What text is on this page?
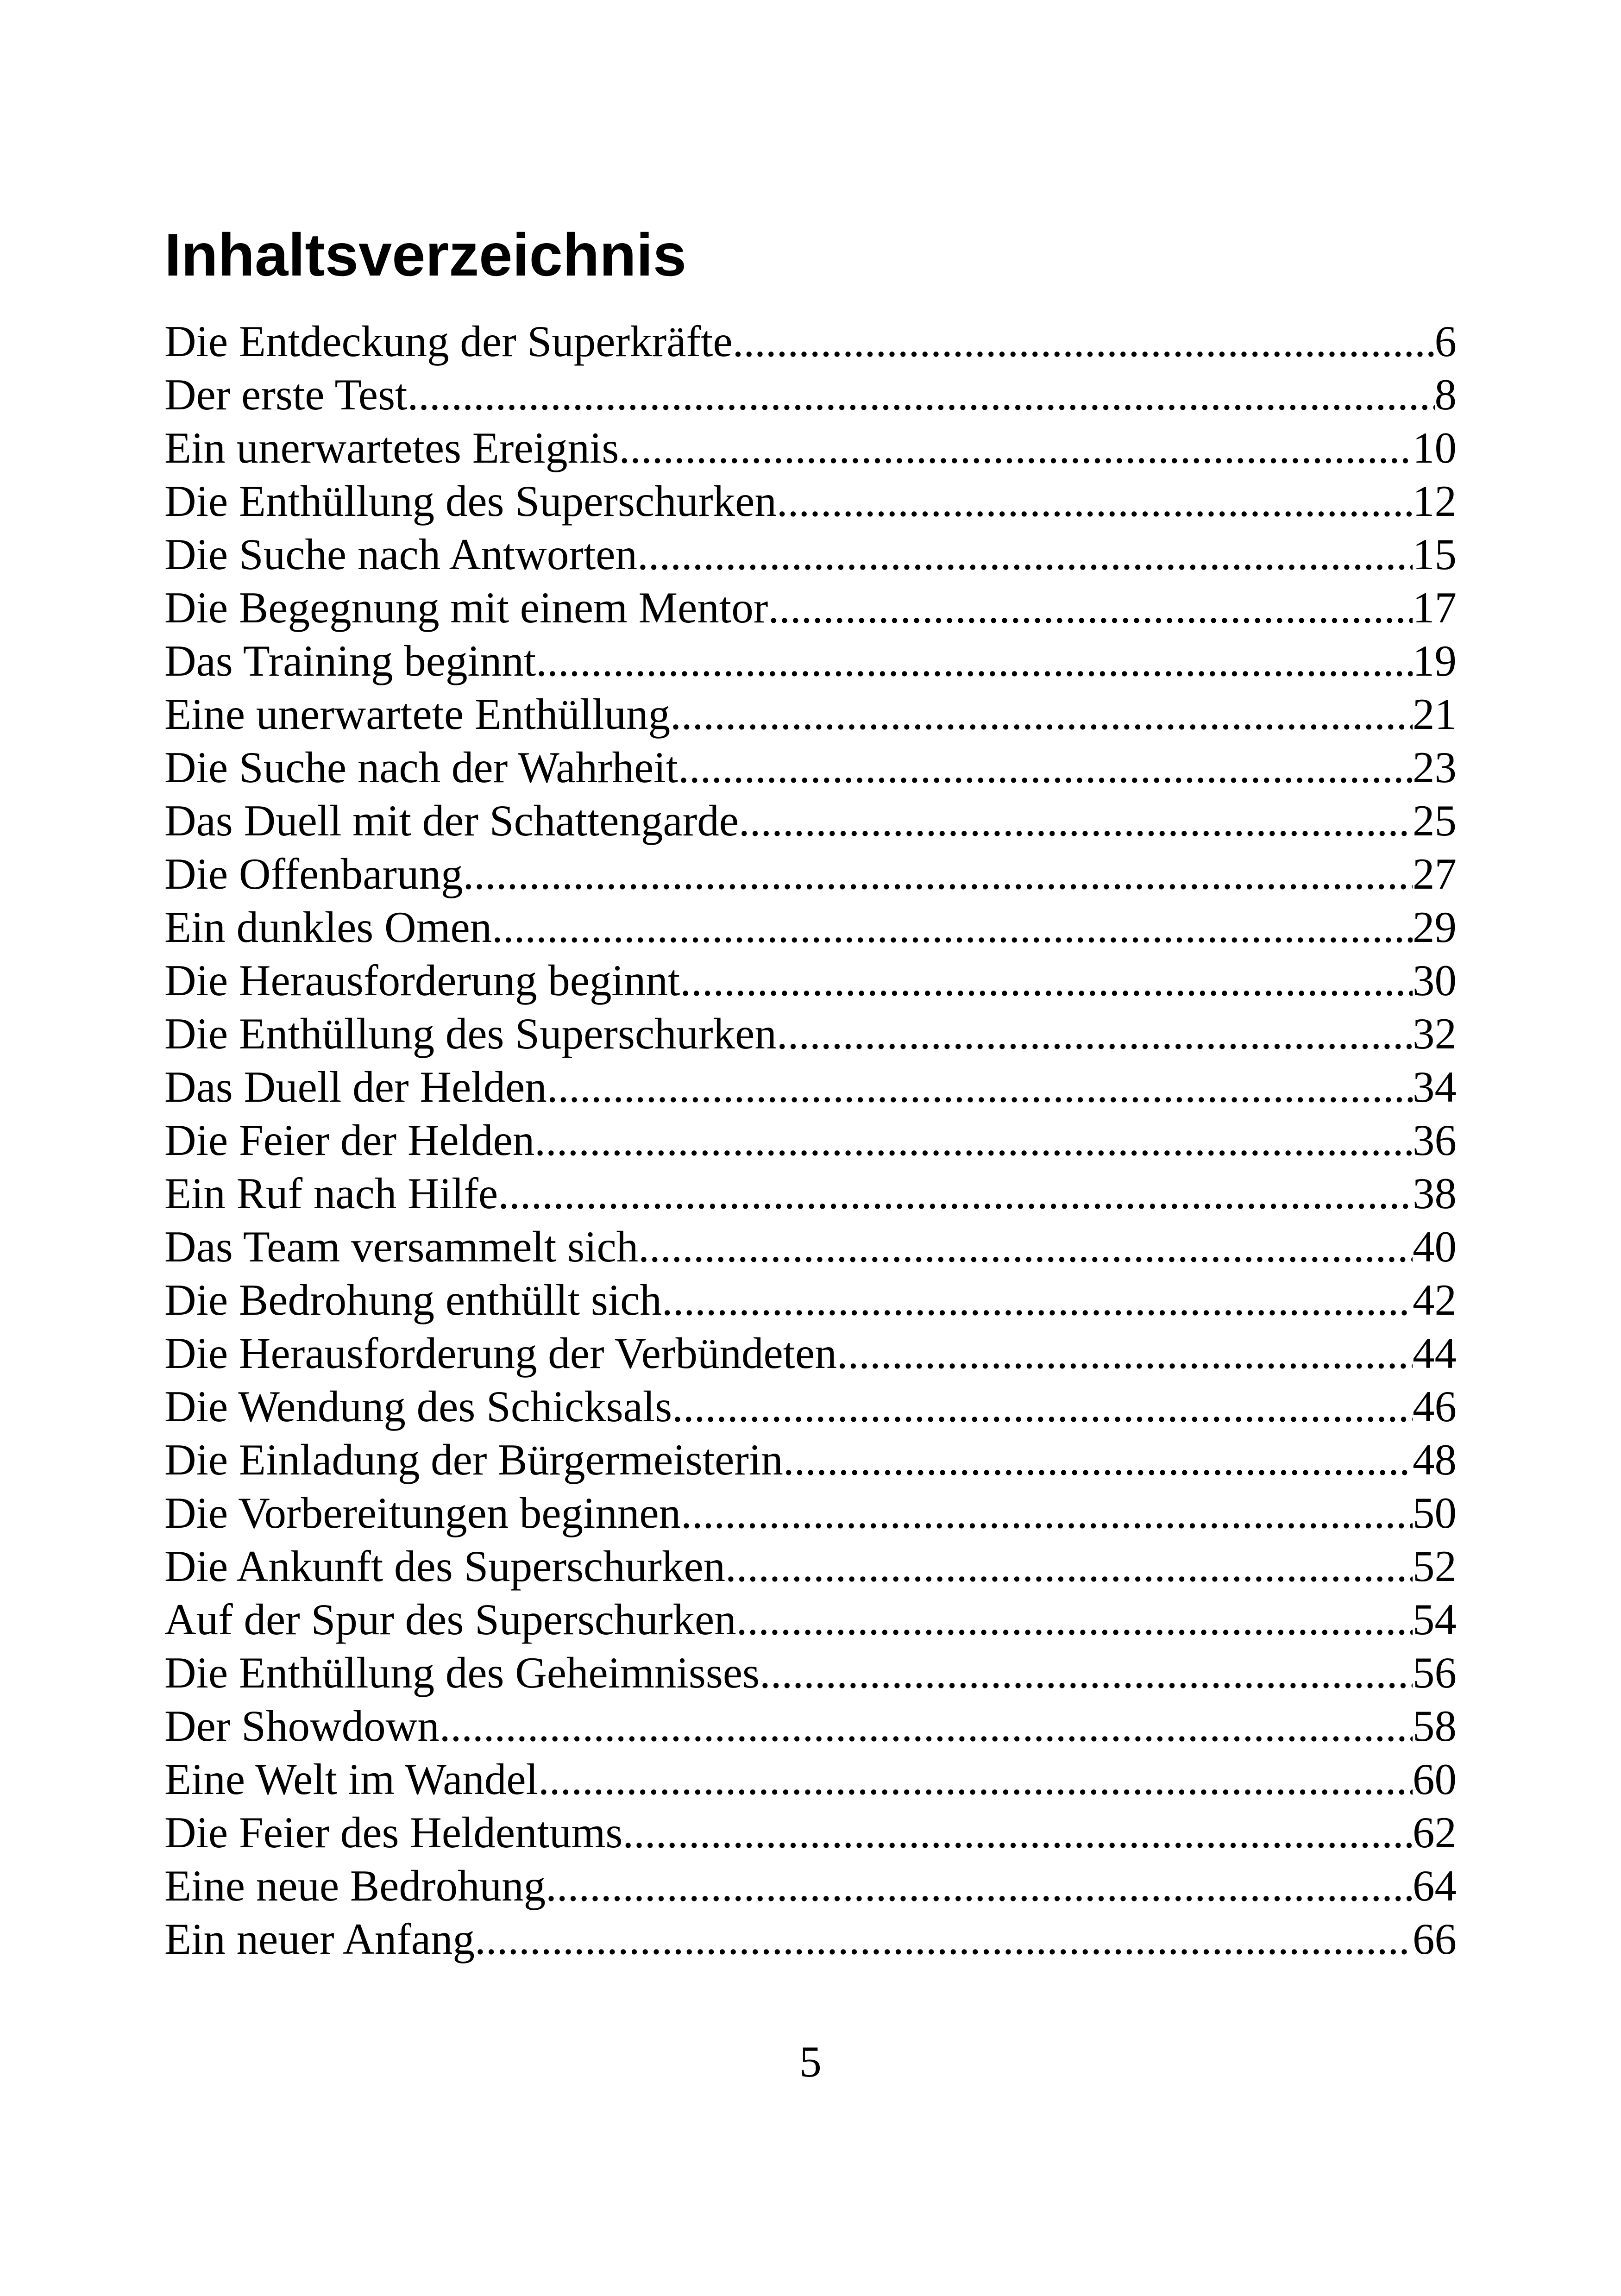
Inhaltsverzeichnis
Die Entdeckung der Superkräfte .....	6
Der erste Test .....	8
Ein unerwartetes Ereignis .....	10
Die Enthüllung des Superschurken .....	12
Die Suche nach Antworten .....	15
Die Begegnung mit einem Mentor .....	17
Das Training beginnt .....	19
Eine unerwartete Enthüllung .....	21
Die Suche nach der Wahrheit .....	23
Das Duell mit der Schattengarde .....	25
Die Offenbarung .....	27
Ein dunkles Omen .....	29
Die Herausforderung beginnt .....	30
Die Enthüllung des Superschurken .....	32
Das Duell der Helden .....	34
Die Feier der Helden .....	36
Ein Ruf nach Hilfe .....	38
Das Team versammelt sich .....	40
Die Bedrohung enthüllt sich .....	42
Die Herausforderung der Verbündeten .....	44
Die Wendung des Schicksals .....	46
Die Einladung der Bürgermeisterin .....	48
Die Vorbereitungen beginnen .....	50
Die Ankunft des Superschurken .....	52
Auf der Spur des Superschurken .....	54
Die Enthüllung des Geheimnisses .....	56
Der Showdown .....	58
Eine Welt im Wandel .....	60
Die Feier des Heldentums .....	62
Eine neue Bedrohung .....	64
Ein neuer Anfang .....	66
5
